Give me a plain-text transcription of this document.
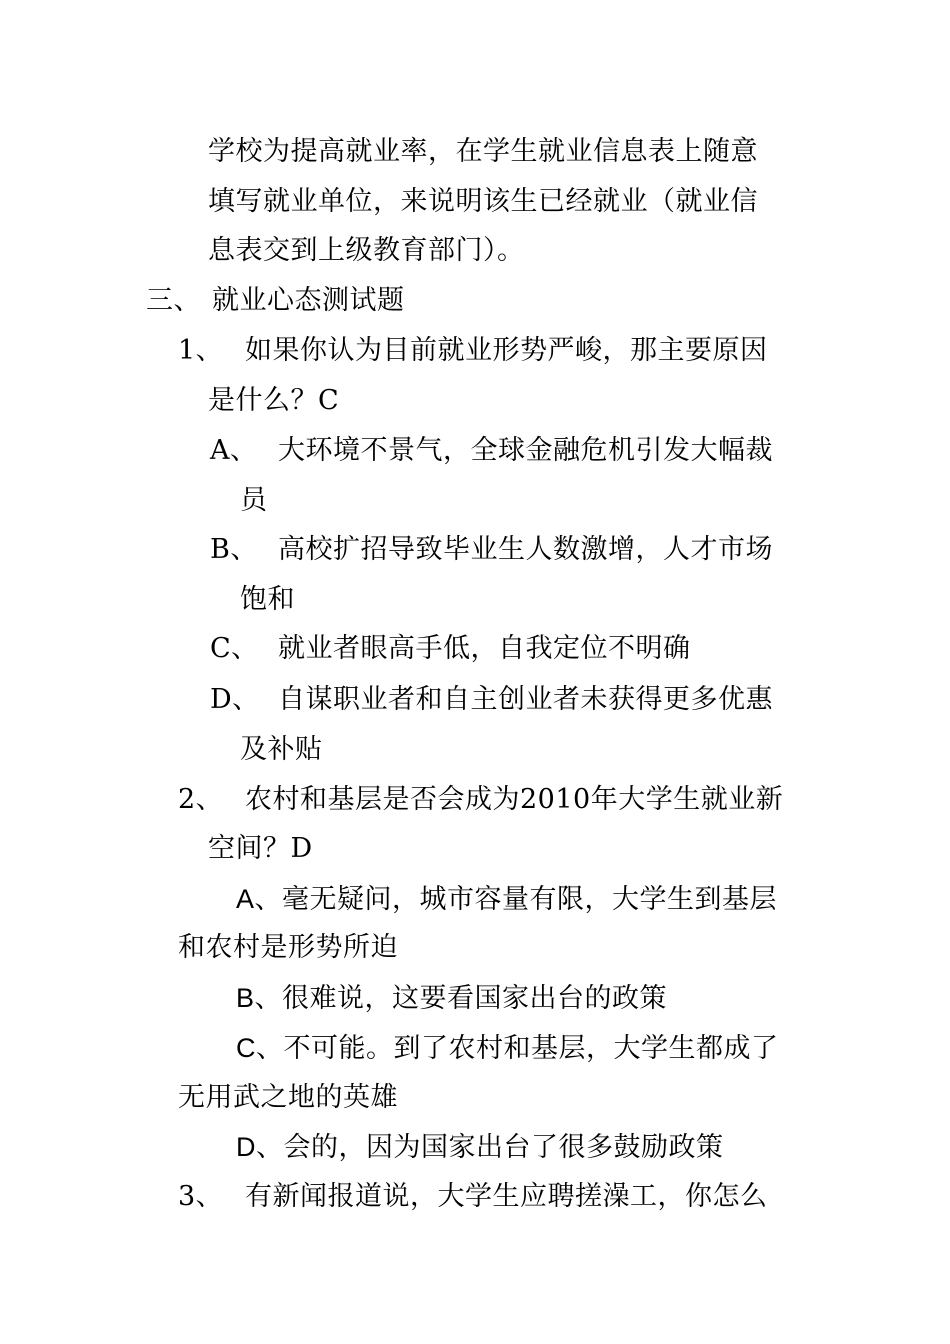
学校为提高就业率，在学生就业信息表上随意
填写就业单位，来说明该生已经就业（就业信
息表交到上级教育部门）。
三、 就业心态测试题
1、 如果你认为目前就业形势严峻，那主要原因
是什么？C
A、 大环境不景气，全球金融危机引发大幅裁
员
B、 高校扩招导致毕业生人数激增，人才市场
饱和
C、 就业者眼高手低，自我定位不明确
D、 自谋职业者和自主创业者未获得更多优惠
及补贴
2、 农村和基层是否会成为2010年大学生就业新
空间？D
A、毫无疑问，城市容量有限，大学生到基层
和农村是形势所迫
B、很难说，这要看国家出台的政策
C、不可能。到了农村和基层，大学生都成了
无用武之地的英雄
D、会的，因为国家出台了很多鼓励政策
3、 有新闻报道说，大学生应聘搓澡工，你怎么
